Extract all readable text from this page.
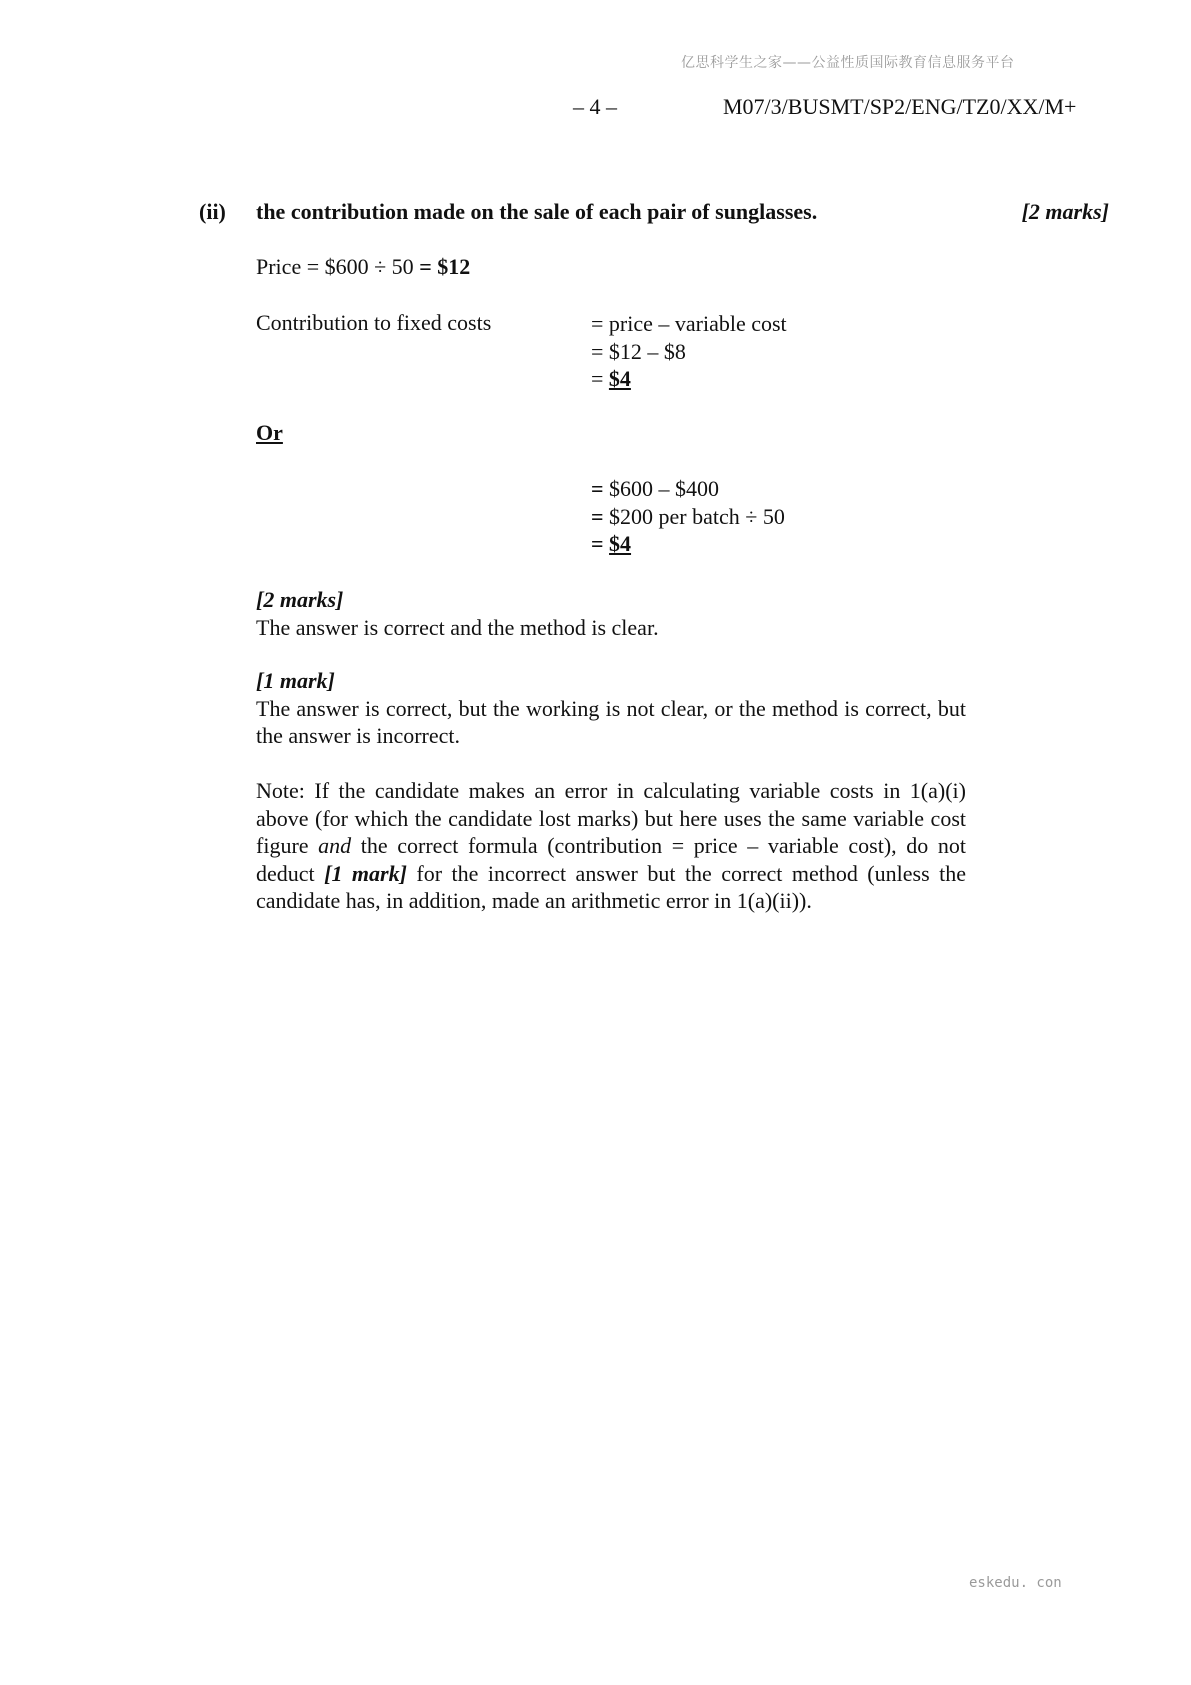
亿思科学生之家——公益性质国际教育信息服务平台
– 4 –	M07/3/BUSMT/SP2/ENG/TZ0/XX/M+
(ii) the contribution made on the sale of each pair of sunglasses.	[2 marks]
Price = $600 ÷ 50 = $12
Contribution to fixed costs	= price – variable cost
= $12 – $8
= $4
Or
= $600 – $400
= $200 per batch ÷ 50
= $4
[2 marks]
The answer is correct and the method is clear.
[1 mark]
The answer is correct, but the working is not clear, or the method is correct, but the answer is incorrect.
Note: If the candidate makes an error in calculating variable costs in 1(a)(i) above (for which the candidate lost marks) but here uses the same variable cost figure and the correct formula (contribution = price – variable cost), do not deduct [1 mark] for the incorrect answer but the correct method (unless the candidate has, in addition, made an arithmetic error in 1(a)(ii)).
eskedu. con
